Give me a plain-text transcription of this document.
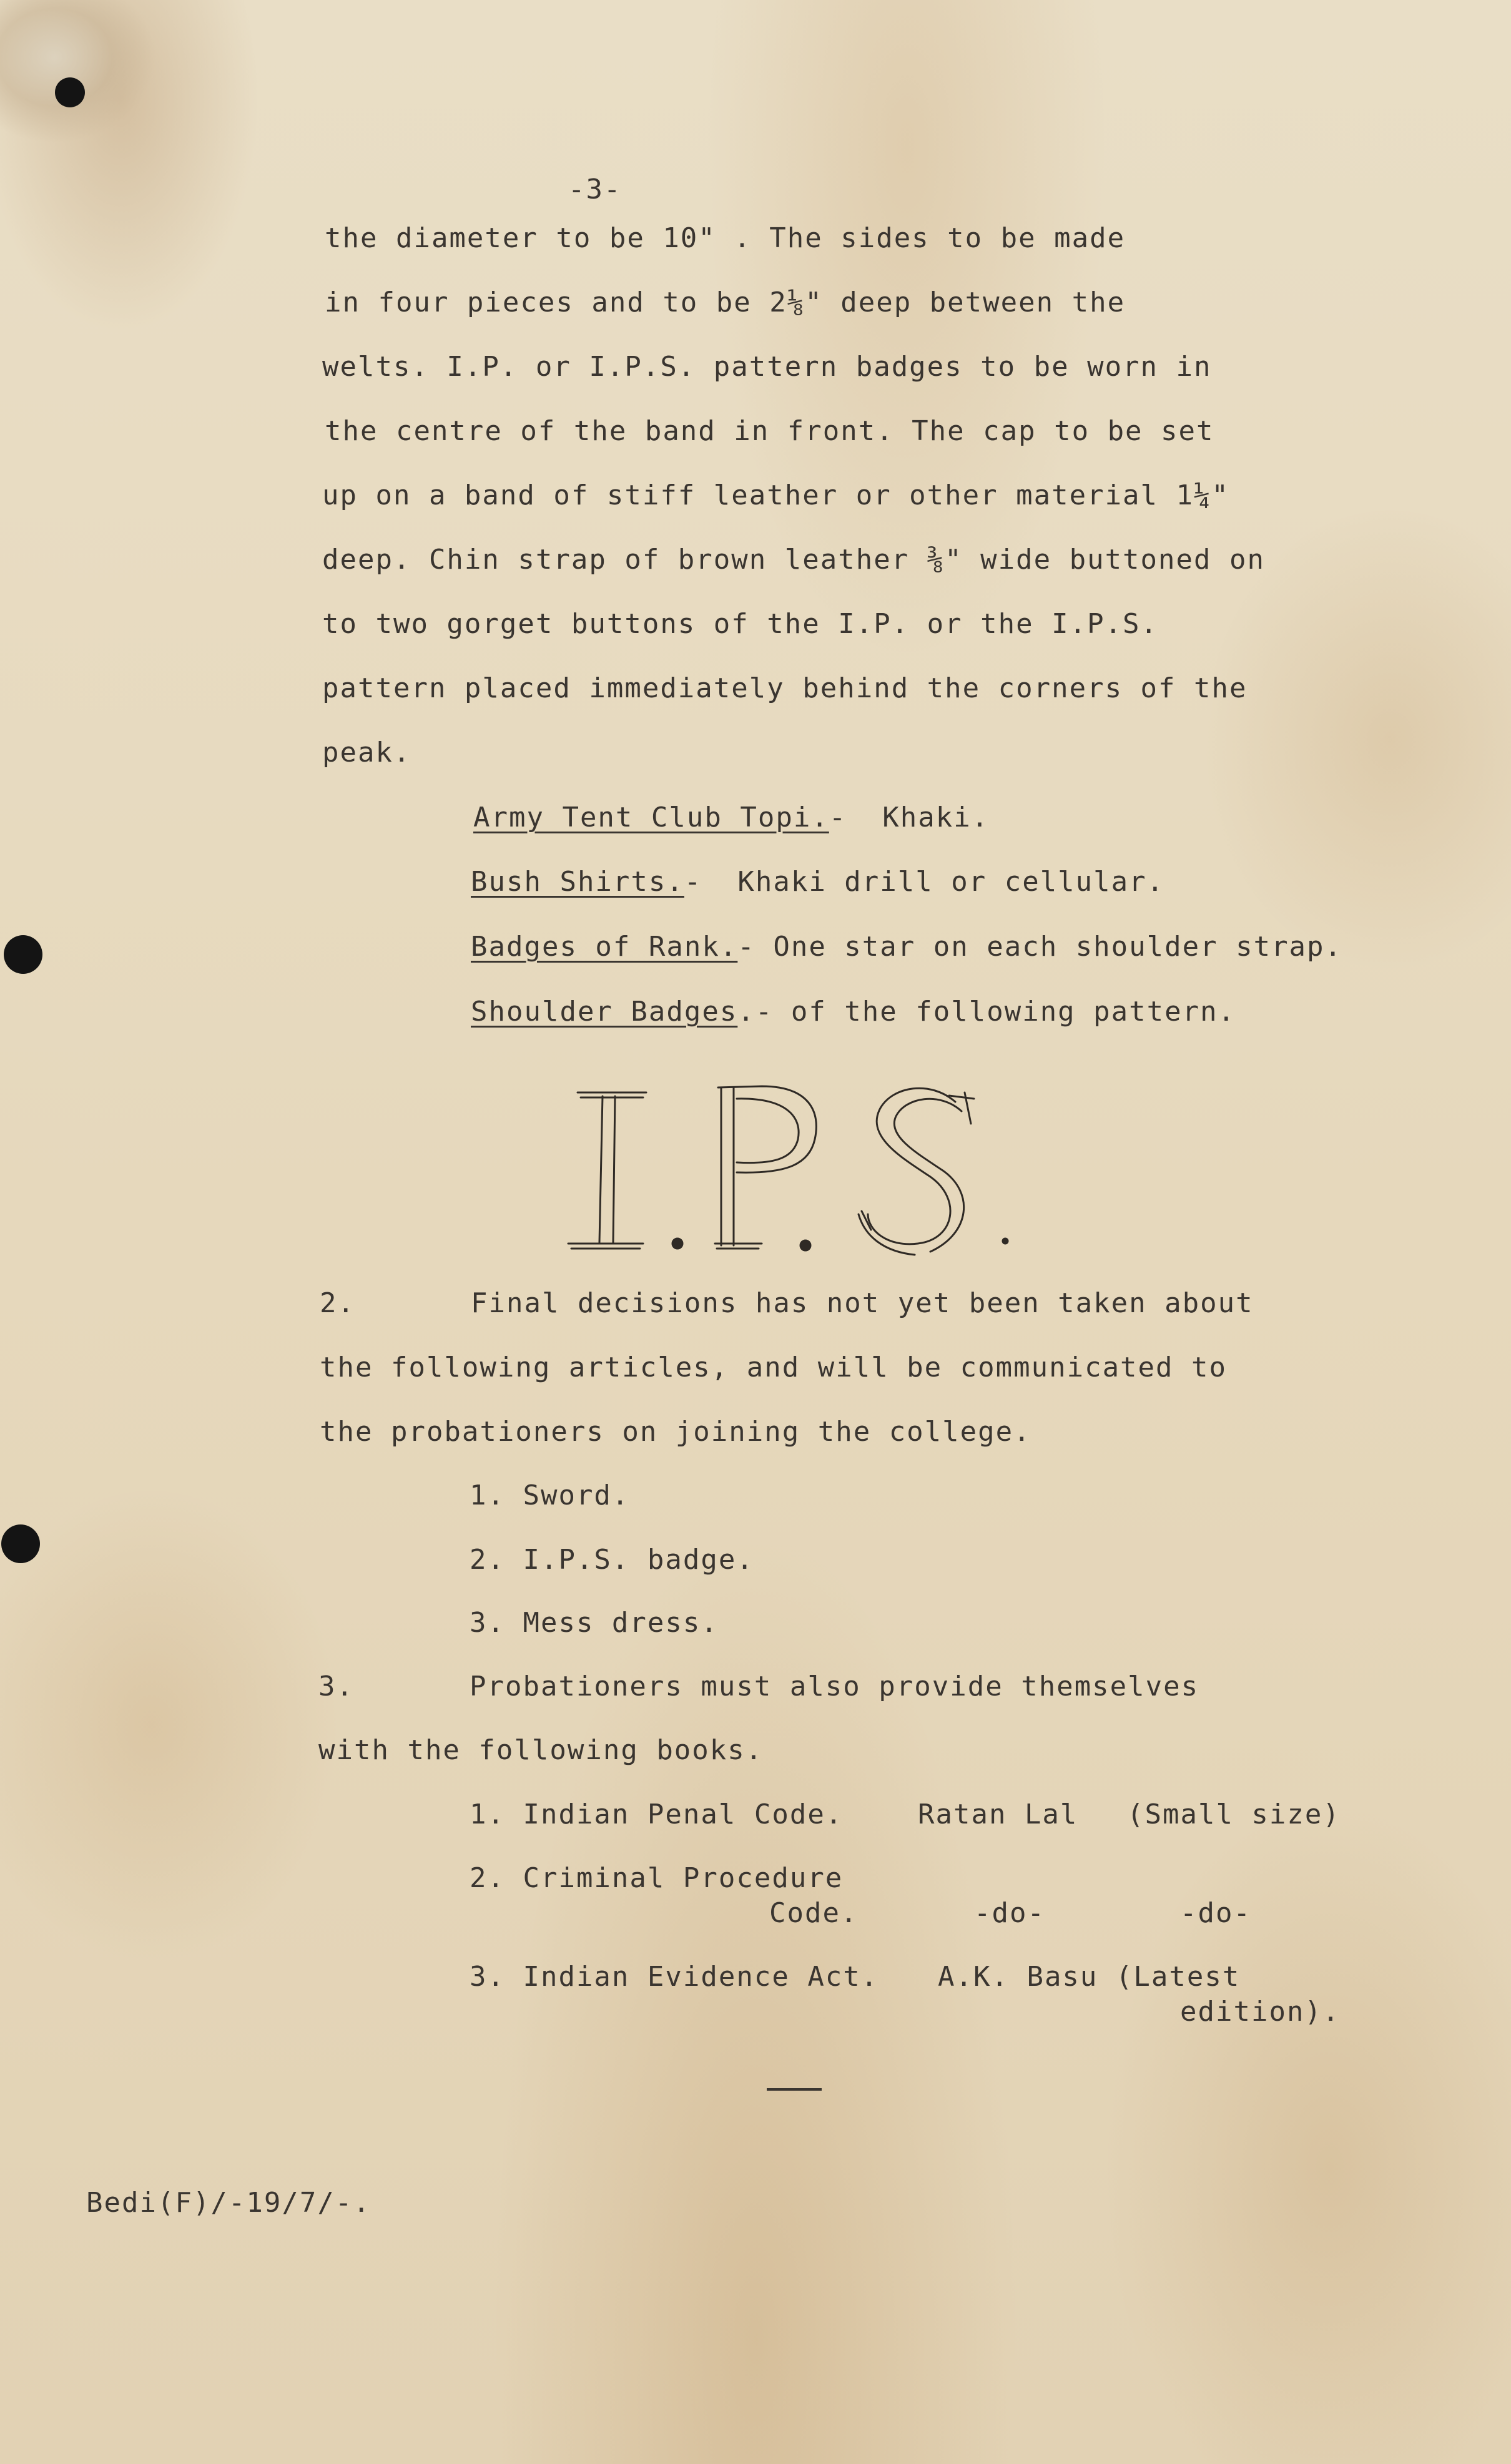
-3-
the diameter to be 10" . The sides to be made
in four pieces and to be 2⅛" deep between the
welts. I.P. or I.P.S. pattern badges to be worn in
the centre of the band in front. The cap to be set
up on a band of stiff leather or other material 1¼"
deep. Chin strap of brown leather ⅜" wide buttoned on
to two gorget buttons of the I.P. or the I.P.S.
pattern placed immediately behind the corners of the
peak.
Army Tent Club Topi.-  Khaki.
Bush Shirts.-  Khaki drill or cellular.
Badges of Rank.- One star on each shoulder strap.
Shoulder Badges.- of the following pattern.
I.P.S
2.	Final decisions has not yet been taken about
the following articles, and will be communicated to
the probationers on joining the college.
1. Sword.
2. I.P.S. badge.
3. Mess dress.
3.	Probationers must also provide themselves
with the following books.
1. Indian Penal Code.	Ratan Lal (Small size)
2. Criminal Procedure
Code.	-do-	-do-
3. Indian Evidence Act. A.K. Basu (Latest
edition).
Bedi(F)/-19/7/-.
